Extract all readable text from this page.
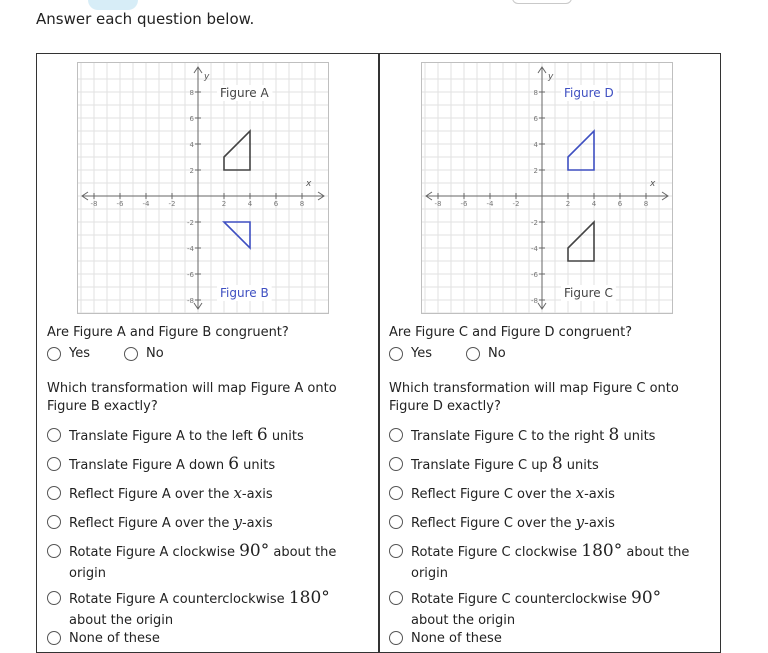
Answer each question below.
-8	-6	-4	-2	2	4	6	8
8
6
4
2
-2
-4
-6
-8
y
x
Figure A
Figure B
Are Figure A and Figure B congruent?
Yes	No
Which transformation will map Figure A onto Figure B exactly?
Translate Figure A to the left 6 units
Translate Figure A down 6 units
Reflect Figure A over the x-axis
Reflect Figure A over the y-axis
Rotate Figure A clockwise 90° about the origin
Rotate Figure A counterclockwise 180° about the origin
None of these
-8	-6	-4	-2	2	4	6	8
8
6
4
2
-2
-4
-6
-8
y
x
Figure D
Figure C
Are Figure C and Figure D congruent?
Yes	No
Which transformation will map Figure C onto Figure D exactly?
Translate Figure C to the right 8 units
Translate Figure C up 8 units
Reflect Figure C over the x-axis
Reflect Figure C over the y-axis
Rotate Figure C clockwise 180° about the origin
Rotate Figure C counterclockwise 90° about the origin
None of these
